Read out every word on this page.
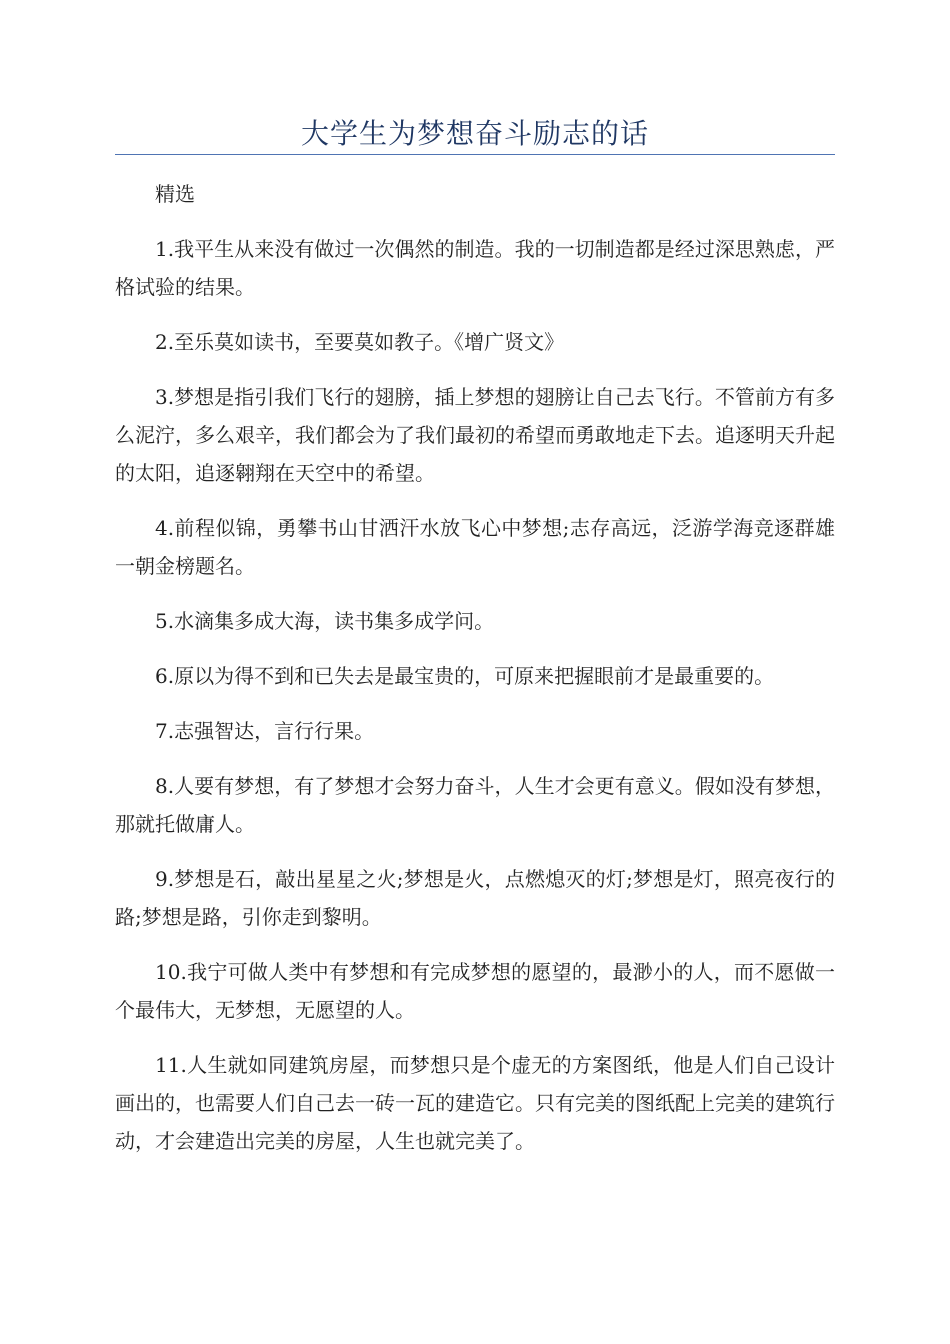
大学生为梦想奋斗励志的话

精选

1.我平生从来没有做过一次偶然的制造。我的一切制造都是经过深思熟虑，严格试验的结果。

2.至乐莫如读书，至要莫如教子。《增广贤文》

3.梦想是指引我们飞行的翅膀，插上梦想的翅膀让自己去飞行。不管前方有多么泥泞，多么艰辛，我们都会为了我们最初的希望而勇敢地走下去。追逐明天升起的太阳，追逐翱翔在天空中的希望。

4.前程似锦，勇攀书山甘洒汗水放飞心中梦想;志存高远，泛游学海竞逐群雄一朝金榜题名。

5.水滴集多成大海，读书集多成学问。

6.原以为得不到和已失去是最宝贵的，可原来把握眼前才是最重要的。

7.志强智达，言行行果。

8.人要有梦想，有了梦想才会努力奋斗，人生才会更有意义。假如没有梦想，那就托做庸人。

9.梦想是石，敲出星星之火;梦想是火，点燃熄灭的灯;梦想是灯，照亮夜行的路;梦想是路，引你走到黎明。

10.我宁可做人类中有梦想和有完成梦想的愿望的，最渺小的人，而不愿做一个最伟大，无梦想，无愿望的人。

11.人生就如同建筑房屋，而梦想只是个虚无的方案图纸，他是人们自己设计画出的，也需要人们自己去一砖一瓦的建造它。只有完美的图纸配上完美的建筑行动，才会建造出完美的房屋，人生也就完美了。
